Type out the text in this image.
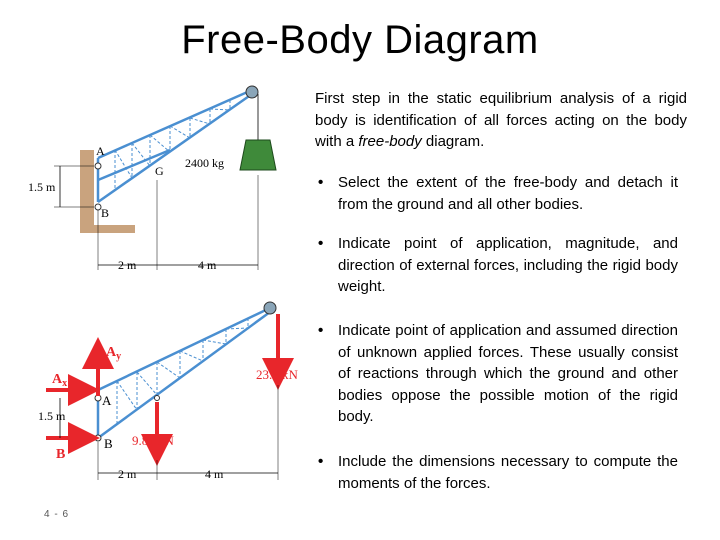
Free-Body Diagram
First step in the static equilibrium analysis of a rigid body is identification of all forces acting on the body with a free-body diagram.
• Select the extent of the free-body and detach it from the ground and all other bodies.
• Indicate point of application, magnitude, and direction of external forces, including the rigid body weight.
• Indicate point of application and assumed direction of unknown applied forces. These usually consist of reactions through which the ground and other bodies oppose the possible motion of the rigid body.
• Include the dimensions necessary to compute the moments of the forces.
A
B
G
2400 kg
1.5 m
2 m	4 m
$A_y$
$A_x$
A
B
B
23.5 kN
9.81 kN
1.5 m
2 m	4 m
4 - 6
